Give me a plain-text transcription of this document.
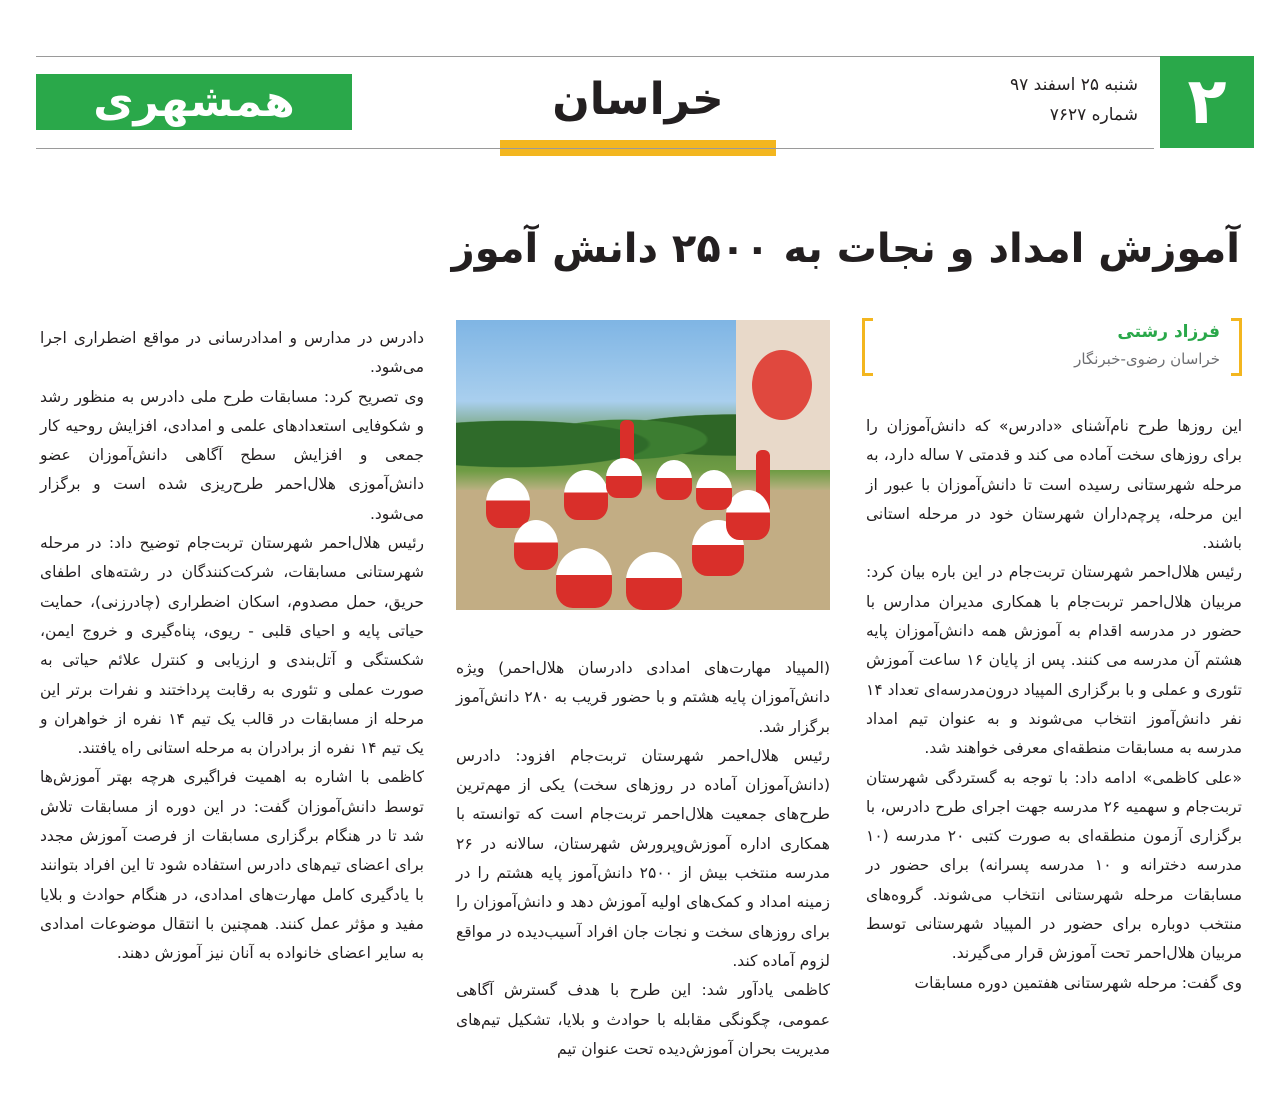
همشهری	خراسان	شنبه ۲۵ اسفند ۹۷
شماره ۷۶۲۷ ۲
آموزش امداد و نجات به ۲۵۰۰ دانش آموز
فرزاد رشتی
خراسان رضوی-خبرنگار

این روزها طرح نام‌آشنای «دادرس» که دانش‌آموزان را برای روزهای سخت آماده می کند و قدمتی ۷ ساله دارد، به مرحله شهرستانی رسیده است تا دانش‌آموزان با عبور از این مرحله، پرچم‌داران شهرستان خود در مرحله استانی باشند.

رئیس هلال‌احمر شهرستان تربت‌جام در این باره بیان کرد: مربیان هلال‌احمر تربت‌جام با همکاری مدیران مدارس با حضور در مدرسه اقدام به آموزش همه دانش‌آموزان پایه هشتم آن مدرسه می کنند. پس از پایان ۱۶ ساعت آموزش تئوری و عملی و با برگزاری المپیاد درون‌مدرسه‌ای تعداد ۱۴ نفر دانش‌آموز انتخاب می‌شوند و به عنوان تیم امداد مدرسه به مسابقات منطقه‌ای معرفی خواهند شد.

«علی کاظمی» ادامه داد: با توجه به گستردگی شهرستان تربت‌جام و سهمیه ۲۶ مدرسه جهت اجرای طرح دادرس، با برگزاری آزمون منطقه‌ای به صورت کتبی ۲۰ مدرسه (۱۰ مدرسه دخترانه و ۱۰ مدرسه پسرانه) برای حضور در مسابقات مرحله شهرستانی انتخاب می‌شوند. گروه‌های منتخب دوباره برای حضور در المپیاد شهرستانی توسط مربیان هلال‌احمر تحت آموزش قرار می‌گیرند.

وی گفت: مرحله شهرستانی هفتمین دوره مسابقات

(المپیاد مهارت‌های امدادی دادرسان هلال‌احمر) ویژه دانش‌آموزان پایه هشتم و با حضور قریب به ۲۸۰ دانش‌آموز برگزار شد.

رئیس هلال‌احمر شهرستان تربت‌جام افزود: دادرس (دانش‌آموزان آماده در روزهای سخت) یکی از مهم‌ترین طرح‌های جمعیت هلال‌احمر تربت‌جام است که توانسته با همکاری اداره آموزش‌وپرورش شهرستان، سالانه در ۲۶ مدرسه منتخب بیش از ۲۵۰۰ دانش‌آموز پایه هشتم را در زمینه امداد و کمک‌های اولیه آموزش دهد و دانش‌آموزان را برای روزهای سخت و نجات جان افراد آسیب‌دیده در مواقع لزوم آماده کند.

کاظمی یادآور شد: این طرح با هدف گسترش آگاهی عمومی، چگونگی مقابله با حوادث و بلایا، تشکیل تیم‌های مدیریت بحران آموزش‌دیده تحت عنوان تیم

دادرس در مدارس و امدادرسانی در مواقع اضطراری اجرا می‌شود.

وی تصریح کرد: مسابقات طرح ملی دادرس به منظور رشد و شکوفایی استعدادهای علمی و امدادی، افزایش روحیه کار جمعی و افزایش سطح آگاهی دانش‌آموزان عضو دانش‌آموزی هلال‌احمر طرح‌ریزی شده است و برگزار می‌شود.

رئیس هلال‌احمر شهرستان تربت‌جام توضیح داد: در مرحله شهرستانی مسابقات، شرکت‌کنندگان در رشته‌های اطفای حریق، حمل مصدوم، اسکان اضطراری (چادرزنی)، حمایت حیاتی پایه و احیای قلبی - ریوی، پناه‌گیری و خروج ایمن، شکستگی و آتل‌بندی و ارزیابی و کنترل علائم حیاتی به صورت عملی و تئوری به رقابت پرداختند و نفرات برتر این مرحله از مسابقات در قالب یک تیم ۱۴ نفره از خواهران و یک تیم ۱۴ نفره از برادران به مرحله استانی راه یافتند.

کاظمی با اشاره به اهمیت فراگیری هرچه بهتر آموزش‌ها توسط دانش‌آموزان گفت: در این دوره از مسابقات تلاش شد تا در هنگام برگزاری مسابقات از فرصت آموزش مجدد برای اعضای تیم‌های دادرس استفاده شود تا این افراد بتوانند با یادگیری کامل مهارت‌های امدادی، در هنگام حوادث و بلایا مفید و مؤثر عمل کنند. همچنین با انتقال موضوعات امدادی به سایر اعضای خانواده به آنان نیز آموزش دهند.
